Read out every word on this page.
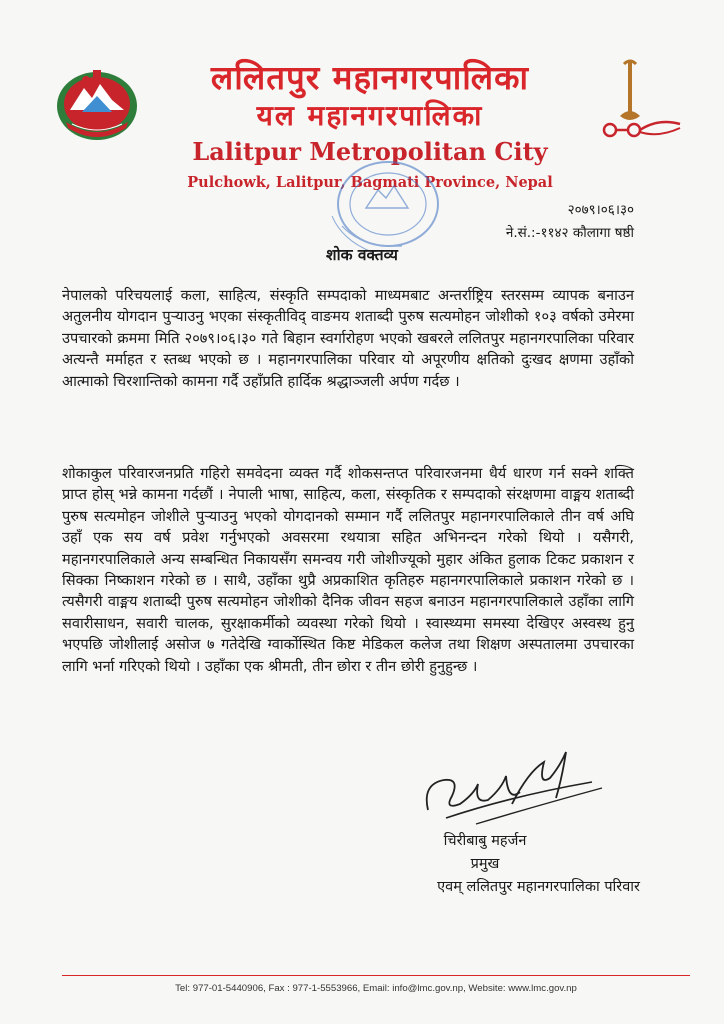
ललितपुर महानगरपालिका
यल महानगरपालिका
Lalitpur Metropolitan City
Pulchowk, Lalitpur, Bagmati Province, Nepal
२०७९।०६।३०
ने.सं.:-११४२ कौलागा षष्ठी
शोक वक्तव्य
नेपालको परिचयलाई कला, साहित्य, संस्कृति सम्पदाको माध्यमबाट अन्तर्राष्ट्रिय स्तरसम्म व्यापक बनाउन अतुलनीय योगदान पुऱ्याउनु भएका संस्कृतीविद् वाङमय शताब्दी पुरुष सत्यमोहन जोशीको १०३ वर्षको उमेरमा उपचारको क्रममा मिति २०७९।०६।३० गते बिहान स्वर्गारोहण भएको खबरले ललितपुर महानगरपालिका परिवार अत्यन्तै मर्माहत र स्तब्ध भएको छ । महानगरपालिका परिवार यो अपूरणीय क्षतिको दुःखद क्षणमा उहाँको आत्माको चिरशान्तिको कामना गर्दै उहाँप्रति हार्दिक श्रद्धाञ्जली अर्पण गर्दछ ।
शोकाकुल परिवारजनप्रति गहिरो समवेदना व्यक्त गर्दै शोकसन्तप्त परिवारजनमा धैर्य धारण गर्न सक्ने शक्ति प्राप्त होस् भन्ने कामना गर्दछौं । नेपाली भाषा, साहित्य, कला, संस्कृतिक र सम्पदाको संरक्षणमा वाङ्मय शताब्दी पुरुष सत्यमोहन जोशीले पुऱ्याउनु भएको योगदानको सम्मान गर्दै ललितपुर महानगरपालिकाले तीन वर्ष अघि उहाँ एक सय वर्ष प्रवेश गर्नुभएको अवसरमा रथयात्रा सहित अभिनन्दन गरेको थियो । यसैगरी, महानगरपालिकाले अन्य सम्बन्धित निकायसँग समन्वय गरी जोशीज्यूको मुहार अंकित हुलाक टिकट प्रकाशन र सिक्का निष्काशन गरेको छ । साथै, उहाँका थुप्रै अप्रकाशित कृतिहरु महानगरपालिकाले प्रकाशन गरेको छ । त्यसैगरी वाङ्मय शताब्दी पुरुष सत्यमोहन जोशीको दैनिक जीवन सहज बनाउन महानगरपालिकाले उहाँका लागि सवारीसाधन, सवारी चालक, सुरक्षाकर्मीको व्यवस्था गरेको थियो । स्वास्थ्यमा समस्या देखिएर अस्वस्थ हुनु भएपछि जोशीलाई असोज ७ गतेदेखि ग्वार्कोस्थित किष्ट मेडिकल कलेज तथा शिक्षण अस्पतालमा उपचारका लागि भर्ना गरिएको थियो । उहाँका एक श्रीमती, तीन छोरा र तीन छोरी हुनुहुन्छ ।
चिरीबाबु महर्जन
प्रमुख
एवम् ललितपुर महानगरपालिका परिवार
Tel: 977-01-5440906, Fax : 977-1-5553966, Email: info@lmc.gov.np, Website: www.lmc.gov.np
